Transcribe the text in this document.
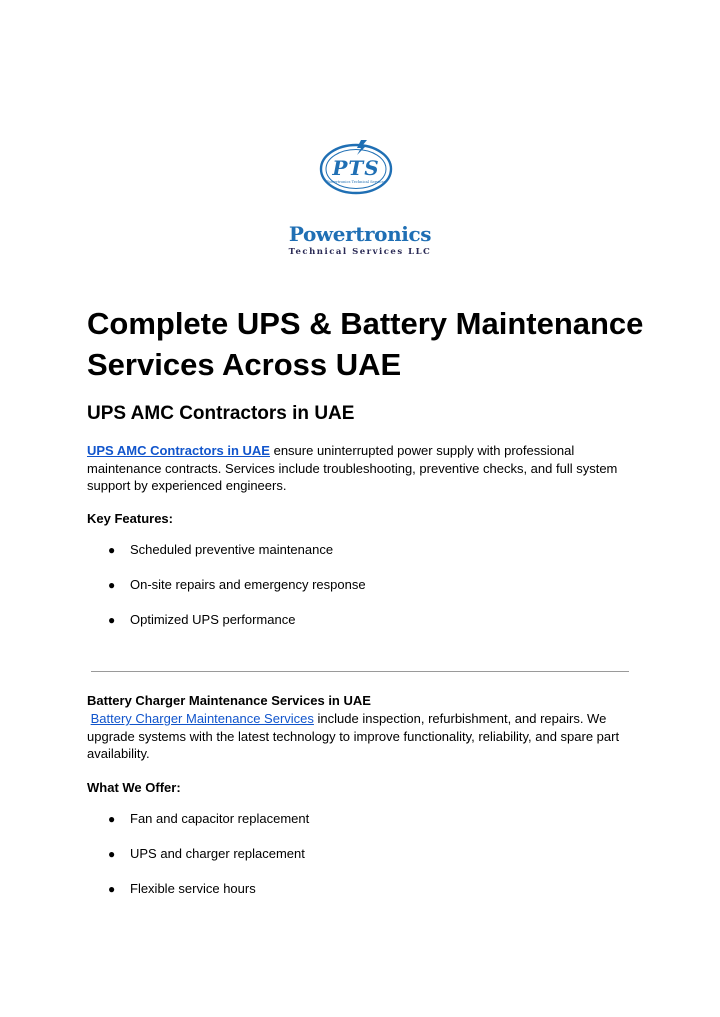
PTS
Powertronics Technical Services
Powertronics
Technical Services LLC
Complete UPS & Battery Maintenance Services Across UAE
UPS AMC Contractors in UAE

UPS AMC Contractors in UAE ensure uninterrupted power supply with professional maintenance contracts. Services include troubleshooting, preventive checks, and full system support by experienced engineers.

Key Features:

● Scheduled preventive maintenance
● On-site repairs and emergency response
● Optimized UPS performance

Battery Charger Maintenance Services in UAE

Battery Charger Maintenance Services include inspection, refurbishment, and repairs. We upgrade systems with the latest technology to improve functionality, reliability, and spare part availability.

What We Offer:

● Fan and capacitor replacement
● UPS and charger replacement
● Flexible service hours
